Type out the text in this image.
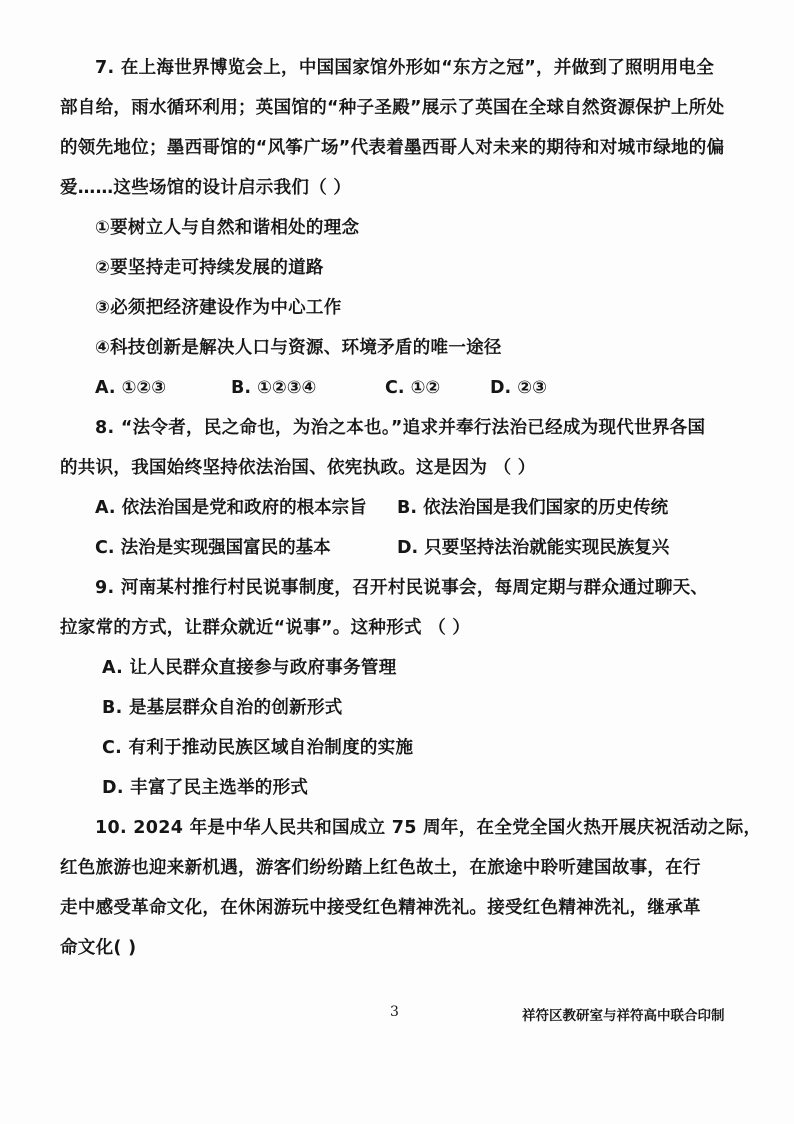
7. 在上海世界博览会上，中国国家馆外形如“东方之冠”，并做到了照明用电全
部自给，雨水循环利用；英国馆的“种子圣殿”展示了英国在全球自然资源保护上所处
的领先地位；墨西哥馆的“风筝广场”代表着墨西哥人对未来的期待和对城市绿地的偏
爱……这些场馆的设计启示我们（ ）
①要树立人与自然和谐相处的理念
②要坚持走可持续发展的道路
③必须把经济建设作为中心工作
④科技创新是解决人口与资源、环境矛盾的唯一途径
A. ①②③	B. ①②③④	C. ①②	D. ②③
8. “法令者，民之命也，为治之本也。”追求并奉行法治已经成为现代世界各国
的共识，我国始终坚持依法治国、依宪执政。这是因为 （ ）
A. 依法治国是党和政府的根本宗旨 B. 依法治国是我们国家的历史传统
C. 法治是实现强国富民的基本	D. 只要坚持法治就能实现民族复兴
9. 河南某村推行村民说事制度，召开村民说事会，每周定期与群众通过聊天、
拉家常的方式，让群众就近“说事”。这种形式 （ ）
A. 让人民群众直接参与政府事务管理
B. 是基层群众自治的创新形式
C. 有利于推动民族区域自治制度的实施
D. 丰富了民主选举的形式
10. 2024 年是中华人民共和国成立 75 周年，在全党全国火热开展庆祝活动之际，
红色旅游也迎来新机遇，游客们纷纷踏上红色故土，在旅途中聆听建国故事，在行
走中感受革命文化，在休闲游玩中接受红色精神洗礼。接受红色精神洗礼，继承革
命文化( )
3	祥符区教研室与祥符高中联合印制
